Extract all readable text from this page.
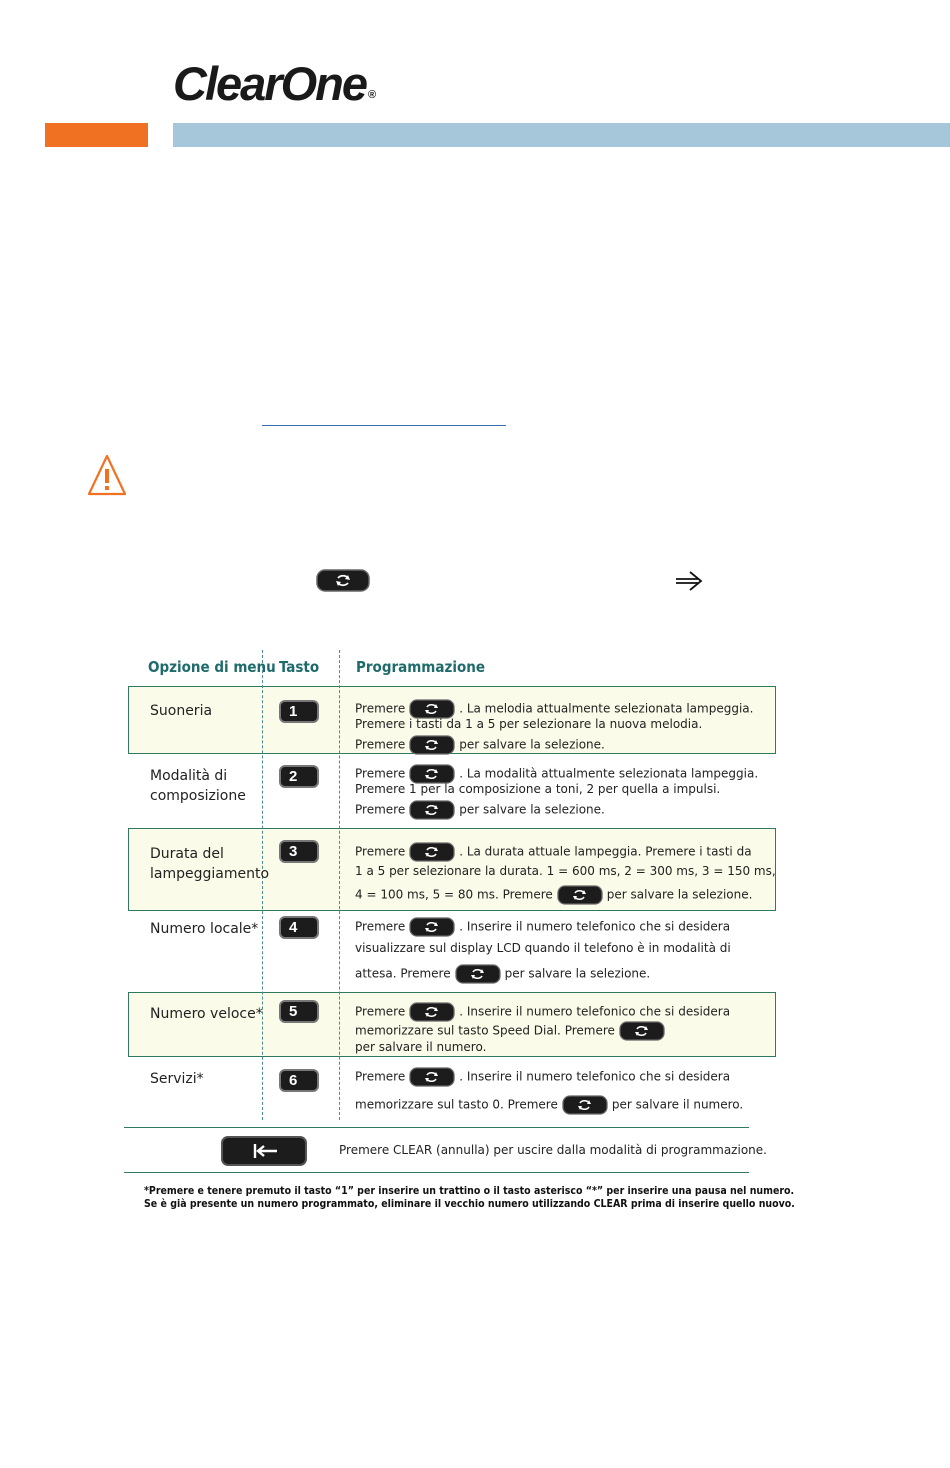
ClearOne ®
Opzione di menu Tasto Programmazione
Suoneria	1	Premere	. La melodia attualmente selezionata lampeggia.
Premere i tasti da 1 a 5 per selezionare la nuova melodia.
Premere	per salvare la selezione.
Modalità di
composizione
2	Premere	. La modalità attualmente selezionata lampeggia.
Premere 1 per la composizione a toni, 2 per quella a impulsi.
Premere	per salvare la selezione.
Durata del
lampeggiamento
3	Premere	. La durata attuale lampeggia. Premere i tasti da
1 a 5 per selezionare la durata. 1 = 600 ms, 2 = 300 ms, 3 = 150 ms,
4 = 100 ms, 5 = 80 ms. Premere	per salvare la selezione.
Numero locale*	4	Premere	. Inserire il numero telefonico che si desidera
visualizzare sul display LCD quando il telefono è in modalità di
attesa. Premere	per salvare la selezione.
Numero veloce*	5	Premere	. Inserire il numero telefonico che si desidera
memorizzare sul tasto Speed Dial. Premere
per salvare il numero.
Servizi*	6	Premere	. Inserire il numero telefonico che si desidera
memorizzare sul tasto 0. Premere	per salvare il numero.
Premere CLEAR (annulla) per uscire dalla modalità di programmazione.
*Premere e tenere premuto il tasto “1” per inserire un trattino o il tasto asterisco “*” per inserire una pausa nel numero.
Se è già presente un numero programmato, eliminare il vecchio numero utilizzando CLEAR prima di inserire quello nuovo.
